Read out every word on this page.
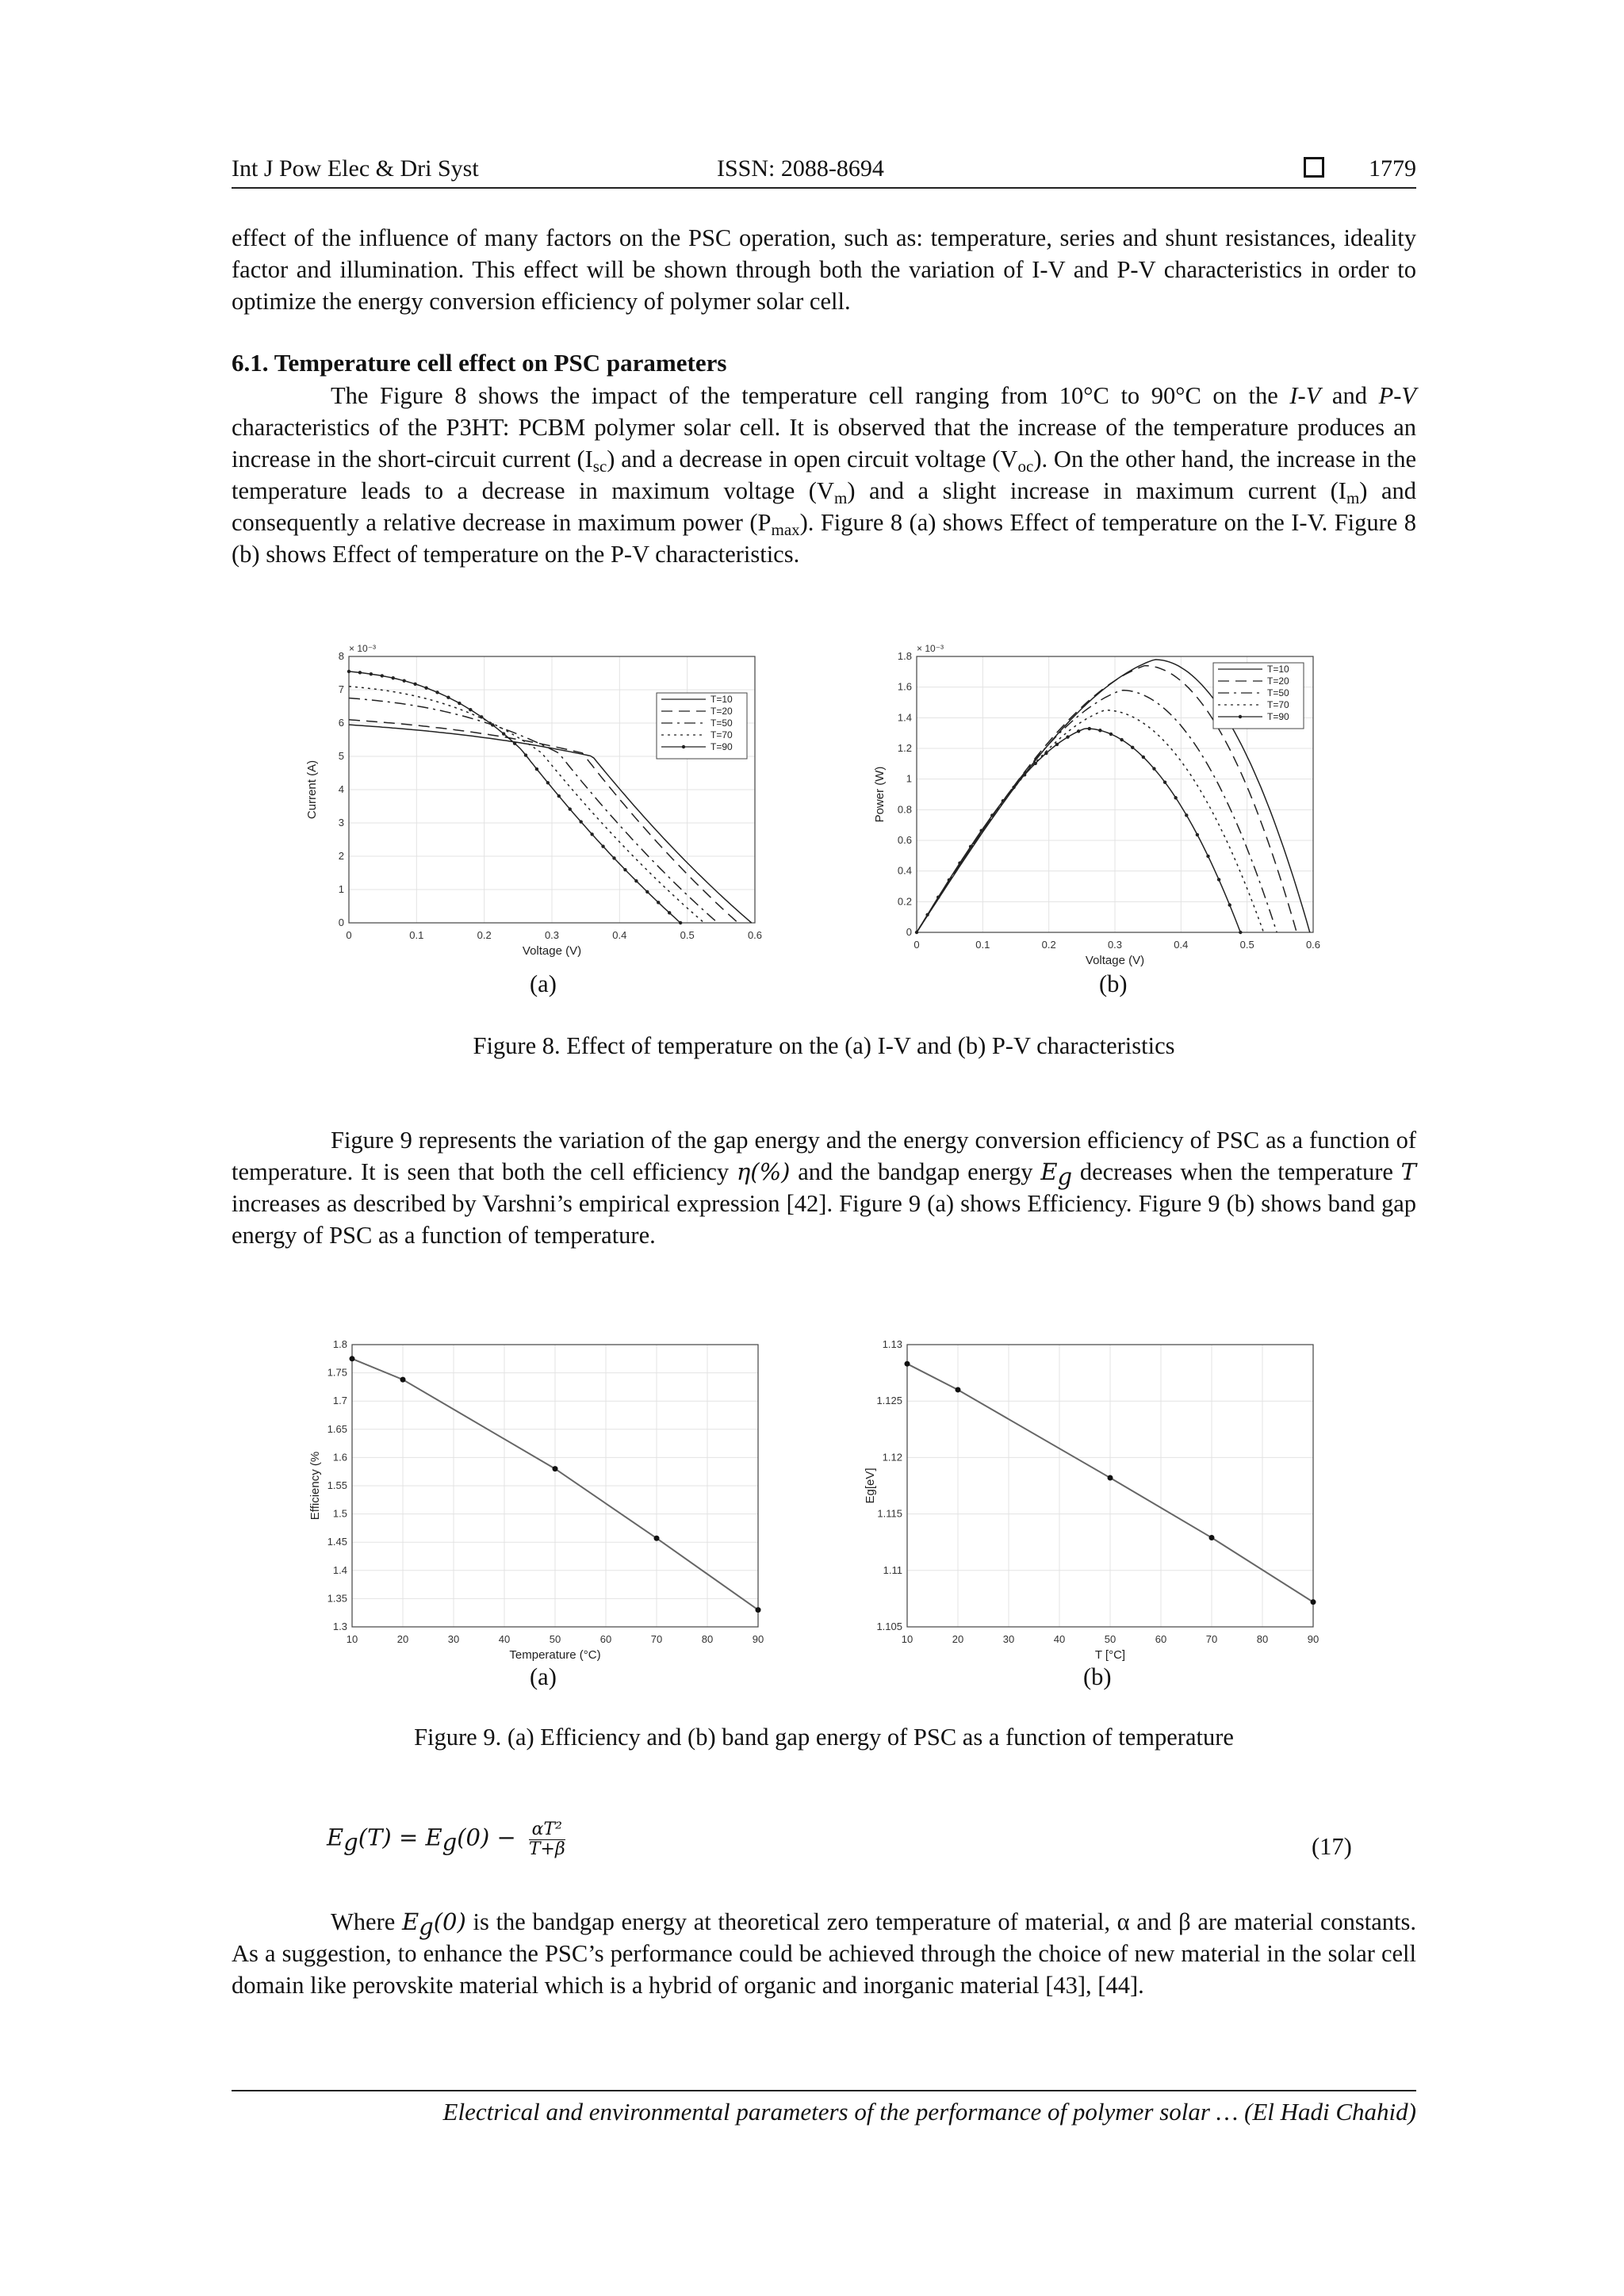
Int J Pow Elec & Dri Syst	ISSN: 2088-8694	1779
effect of the influence of many factors on the PSC operation, such as: temperature, series and shunt resistances, ideality factor and illumination. This effect will be shown through both the variation of I-V and P-V characteristics in order to optimize the energy conversion efficiency of polymer solar cell.
6.1. Temperature cell effect on PSC parameters
The Figure 8 shows the impact of the temperature cell ranging from 10°C to 90°C on the I-V and P-V characteristics of the P3HT: PCBM polymer solar cell. It is observed that the increase of the temperature produces an increase in the short-circuit current $(I_{sc})$ and a decrease in open circuit voltage $(V_{oc})$. On the other hand, the increase in the temperature leads to a decrease in maximum voltage $(V_m)$ and a slight increase in maximum current $(I_m)$ and consequently a relative decrease in maximum power $(P_{max})$. Figure 8 (a) shows Effect of temperature on the I-V. Figure 8 (b) shows Effect of temperature on the P-V characteristics.
0	0.1	0.2	0.3	0.4	0.5	0.6
0
1
2
3
4
5
6
7
8
Voltage (V)
Current (A)
× 10⁻³
T=10
T=20
T=50
T=70
T=90
0	0.1	0.2	0.3	0.4	0.5	0.6
0
0.2
0.4
0.6
0.8
1
1.2
1.4
1.6
1.8
Voltage (V)
Power (W)
× 10⁻³
T=10
T=20
T=50
T=70
T=90
(a)	(b)
Figure 8. Effect of temperature on the (a) I-V and (b) P-V characteristics
Figure 9 represents the variation of the gap energy and the energy conversion efficiency of PSC as a function of temperature. It is seen that both the cell efficiency η(%) and the bandgap energy Eg decreases when the temperature T increases as described by Varshni’s empirical expression [42]. Figure 9 (a) shows Efficiency. Figure 9 (b) shows band gap energy of PSC as a function of temperature.
10	20	30	40	50	60	70	80	90
1.3
1.35
1.4
1.45
1.5
1.55
1.6
1.65
1.7
1.75
1.8
Temperature (°C)
Efficiency (%
10	20	30	40	50	60	70	80	90
1.105
1.11
1.115
1.12
1.125
1.13
T [°C]
Eg[eV]
(a)	(b)
Figure 9. (a) Efficiency and (b) band gap energy of PSC as a function of temperature
$Eg(T) = Eg(0) - \frac{\text{αT²}}{T+\beta}$	(17)
Where Eg(0) is the bandgap energy at theoretical zero temperature of material, α and β are material constants. As a suggestion, to enhance the PSC’s performance could be achieved through the choice of new material in the solar cell domain like perovskite material which is a hybrid of organic and inorganic material [43], [44].
Electrical and environmental parameters of the performance of polymer solar … (El Hadi Chahid)
